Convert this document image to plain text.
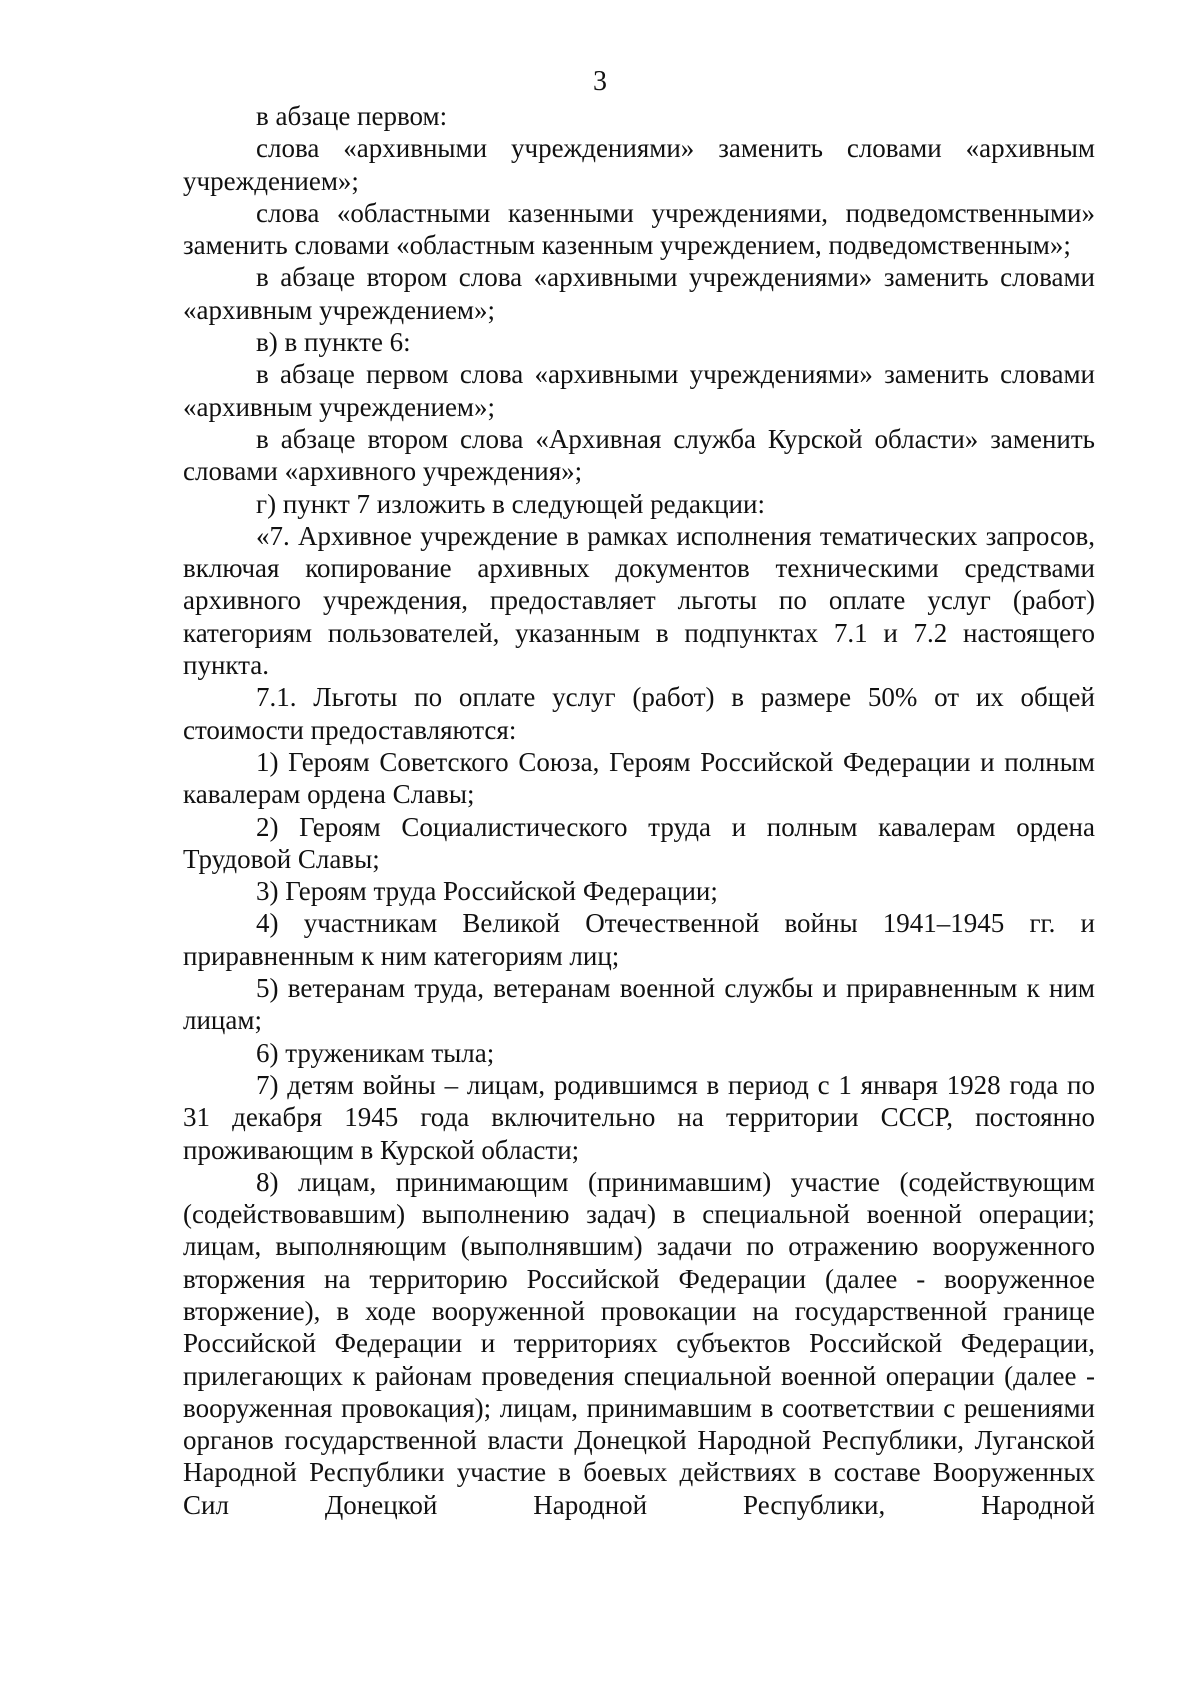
3

в абзаце первом:

слова «архивными учреждениями» заменить словами «архивным учреждением»;

слова «областными казенными учреждениями, подведомственными» заменить словами «областным казенным учреждением, подведомственным»;

в абзаце втором слова «архивными учреждениями» заменить словами «архивным учреждением»;

в) в пункте 6:

в абзаце первом слова «архивными учреждениями» заменить словами «архивным учреждением»;

в абзаце втором слова «Архивная служба Курской области» заменить словами «архивного учреждения»;

г) пункт 7 изложить в следующей редакции:

«7. Архивное учреждение в рамках исполнения тематических запросов, включая копирование архивных документов техническими средствами архивного учреждения, предоставляет льготы по оплате услуг (работ) категориям пользователей, указанным в подпунктах 7.1 и 7.2 настоящего пункта.

7.1. Льготы по оплате услуг (работ) в размере 50% от их общей стоимости предоставляются:

1) Героям Советского Союза, Героям Российской Федерации и полным кавалерам ордена Славы;

2) Героям Социалистического труда и полным кавалерам ордена Трудовой Славы;

3) Героям труда Российской Федерации;

4) участникам Великой Отечественной войны 1941–1945 гг. и приравненным к ним категориям лиц;

5) ветеранам труда, ветеранам военной службы и приравненным к ним лицам;

6) труженикам тыла;

7) детям войны – лицам, родившимся в период с 1 января 1928 года по 31 декабря 1945 года включительно на территории СССР, постоянно проживающим в Курской области;

8) лицам, принимающим (принимавшим) участие (содействующим (содействовавшим) выполнению задач) в специальной военной операции; лицам, выполняющим (выполнявшим) задачи по отражению вооруженного вторжения на территорию Российской Федерации (далее - вооруженное вторжение), в ходе вооруженной провокации на государственной границе Российской Федерации и территориях субъектов Российской Федерации, прилегающих к районам проведения специальной военной операции (далее - вооруженная провокация); лицам, принимавшим в соответствии с решениями органов государственной власти Донецкой Народной Республики, Луганской Народной Республики участие в боевых действиях в составе Вооруженных Сил Донецкой Народной Республики, Народной
